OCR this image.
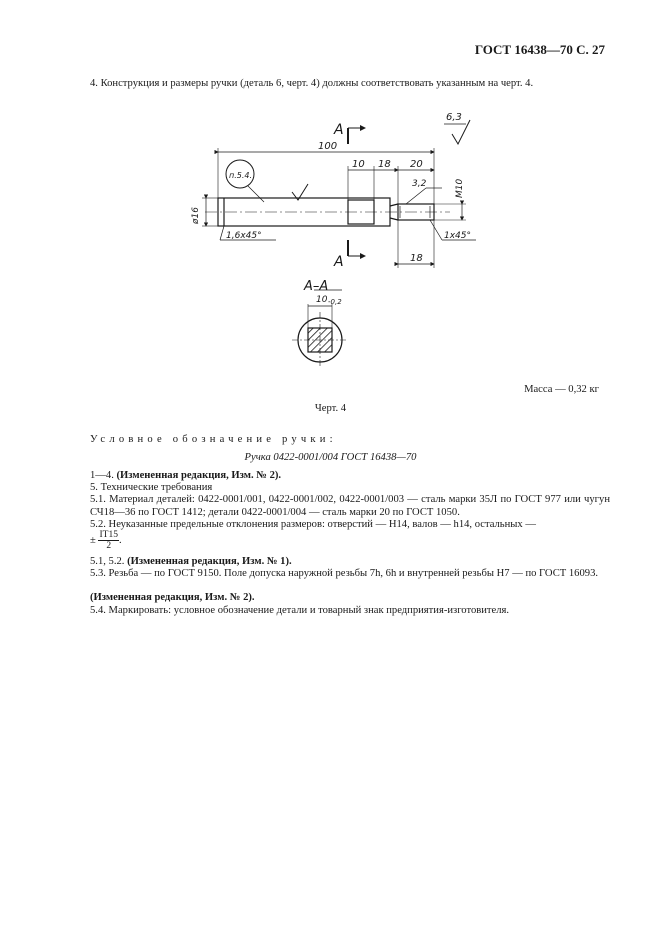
ГОСТ 16438—70 С. 27
4. Конструкция и размеры ручки (деталь 6, черт. 4) должны соответствовать указанным на черт. 4.
А
А
6,3
100
10 18 20
3,2	М10
ø16
1,6х45°	1х45°
18
п.5.4.
А–А
10 -0,2
Масса — 0,32 кг
Черт. 4
Условное обозначение ручки:
Ручка 0422-0001/004 ГОСТ 16438—70
1—4. (Измененная редакция, Изм. № 2).
5. Технические требования
5.1. Материал деталей: 0422-0001/001, 0422-0001/002, 0422-0001/003 — сталь марки 35Л по ГОСТ 977 или чугун СЧ18—36 по ГОСТ 1412; детали 0422-0001/004 — сталь марки 20 по ГОСТ 1050.
5.2. Неуказанные предельные отклонения размеров: отверстий — Н14, валов — h14, остальных —
± $\frac{IT15}{2}$ .
5.1, 5.2. (Измененная редакция, Изм. № 1).
5.3. Резьба — по ГОСТ 9150. Поле допуска наружной резьбы 7h, 6h и внутренней резьбы Н7 — по ГОСТ 16093.
(Измененная редакция, Изм. № 2).
5.4. Маркировать: условное обозначение детали и товарный знак предприятия-изготовителя.
